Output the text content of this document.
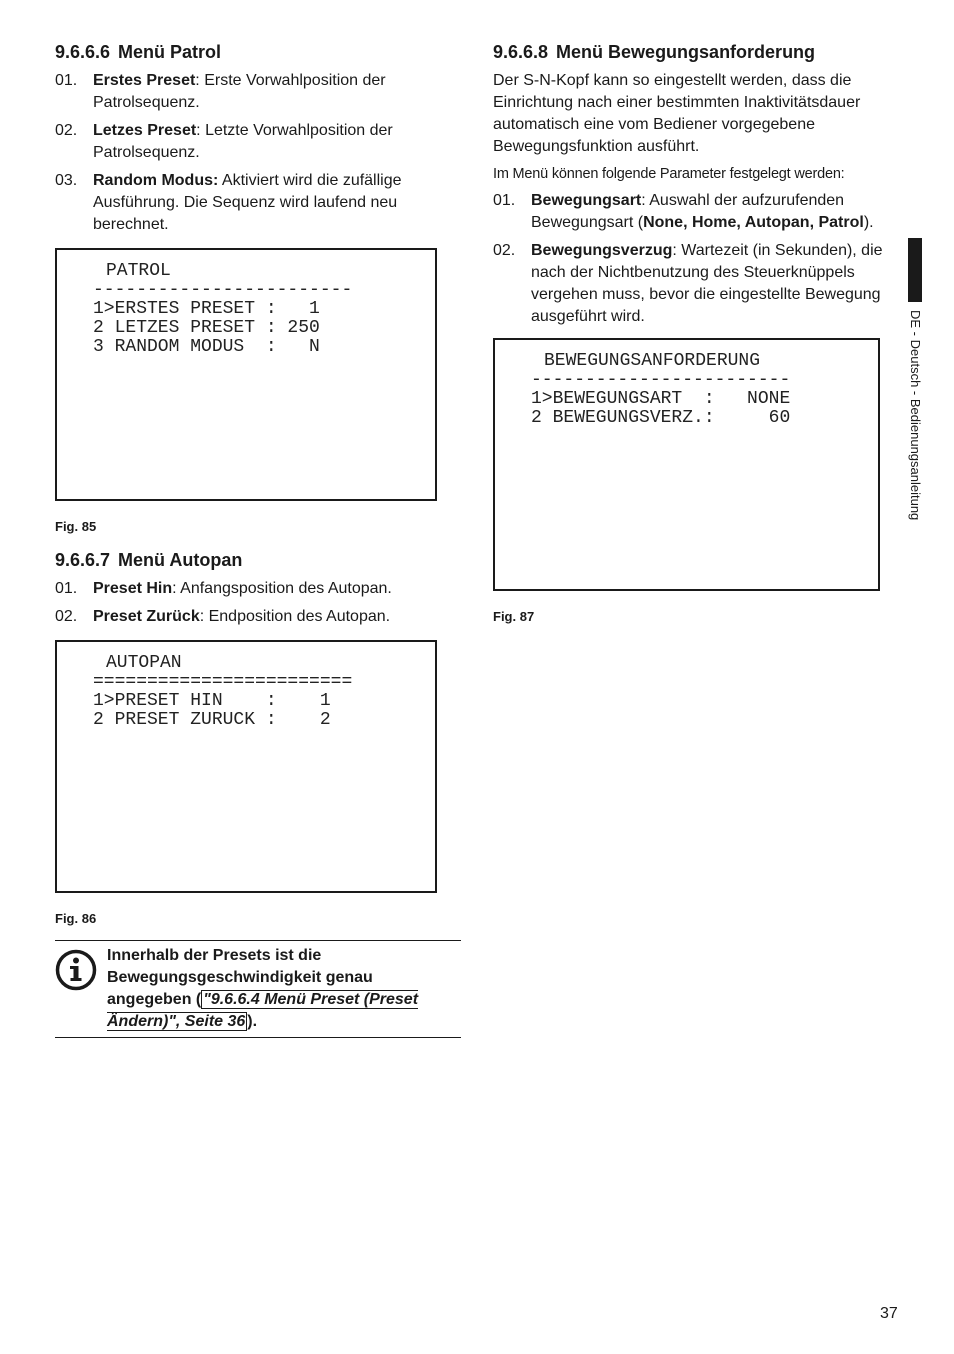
9.6.6.6 Menü Patrol
01. Erstes Preset: Erste Vorwahlposition der Patrolsequenz.
02. Letzes Preset: Letzte Vorwahlposition der Patrolsequenz.
03. Random Modus: Aktiviert wird die zufällige Ausführung. Die Sequenz wird laufend neu berechnet.
PATROL
------------------------
1>ERSTES PRESET :   1
2 LETZES PRESET : 250
3 RANDOM MODUS  :   N
Fig. 85
9.6.6.7 Menü Autopan
01. Preset Hin: Anfangsposition des Autopan.
02. Preset Zurück: Endposition des Autopan.
AUTOPAN
========================
1>PRESET HIN    :    1
2 PRESET ZURUCK :    2
Fig. 86
Innerhalb der Presets ist die Bewegungsgeschwindigkeit genau angegeben ( "9.6.6.4 Menü Preset (Preset Ändern)", Seite 36 ).
9.6.6.8 Menü Bewegungsanforderung

Der S-N-Kopf kann so eingestellt werden, dass die Einrichtung nach einer bestimmten Inaktivitätsdauer automatisch eine vom Bediener vorgegebene Bewegungsfunktion ausführt.

Im Menü können folgende Parameter festgelegt werden:

01. Bewegungsart: Auswahl der aufzurufenden Bewegungsart (None, Home, Autopan, Patrol).
02. Bewegungsverzug: Wartezeit (in Sekunden), die nach der Nichtbenutzung des Steuerknüppels vergehen muss, bevor die eingestellte Bewegung ausgeführt wird.
BEWEGUNGSANFORDERUNG
------------------------
1>BEWEGUNGSART  :   NONE
2 BEWEGUNGSVERZ.:     60
Fig. 87
DE - Deutsch - Bedienungsanleitung
37
